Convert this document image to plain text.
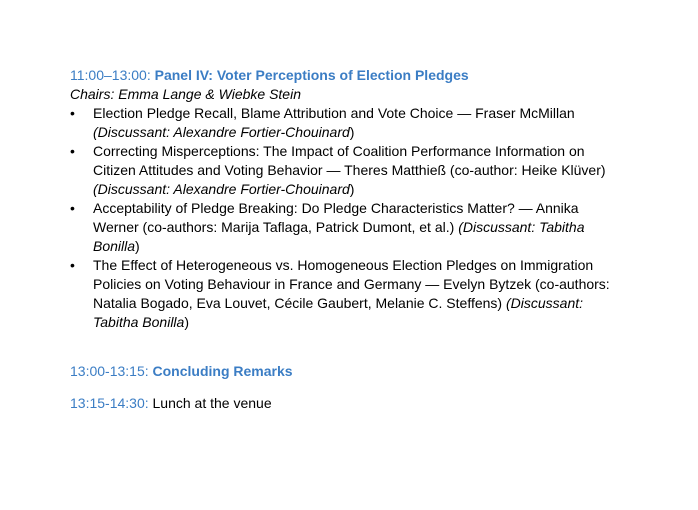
11:00–13:00: Panel IV: Voter Perceptions of Election Pledges
Chairs: Emma Lange & Wiebke Stein
• Election Pledge Recall, Blame Attribution and Vote Choice — Fraser McMillan
(Discussant: Alexandre Fortier-Chouinard)
• Correcting Misperceptions: The Impact of Coalition Performance Information on
Citizen Attitudes and Voting Behavior — Theres Matthieß (co-author: Heike Klüver)
(Discussant: Alexandre Fortier-Chouinard)
• Acceptability of Pledge Breaking: Do Pledge Characteristics Matter? — Annika
Werner (co-authors: Marija Taflaga, Patrick Dumont, et al.) (Discussant: Tabitha
Bonilla)
• The Effect of Heterogeneous vs. Homogeneous Election Pledges on Immigration
Policies on Voting Behaviour in France and Germany — Evelyn Bytzek (co-authors:
Natalia Bogado, Eva Louvet, Cécile Gaubert, Melanie C. Steffens) (Discussant:
Tabitha Bonilla)
13:00-13:15: Concluding Remarks
13:15-14:30: Lunch at the venue
